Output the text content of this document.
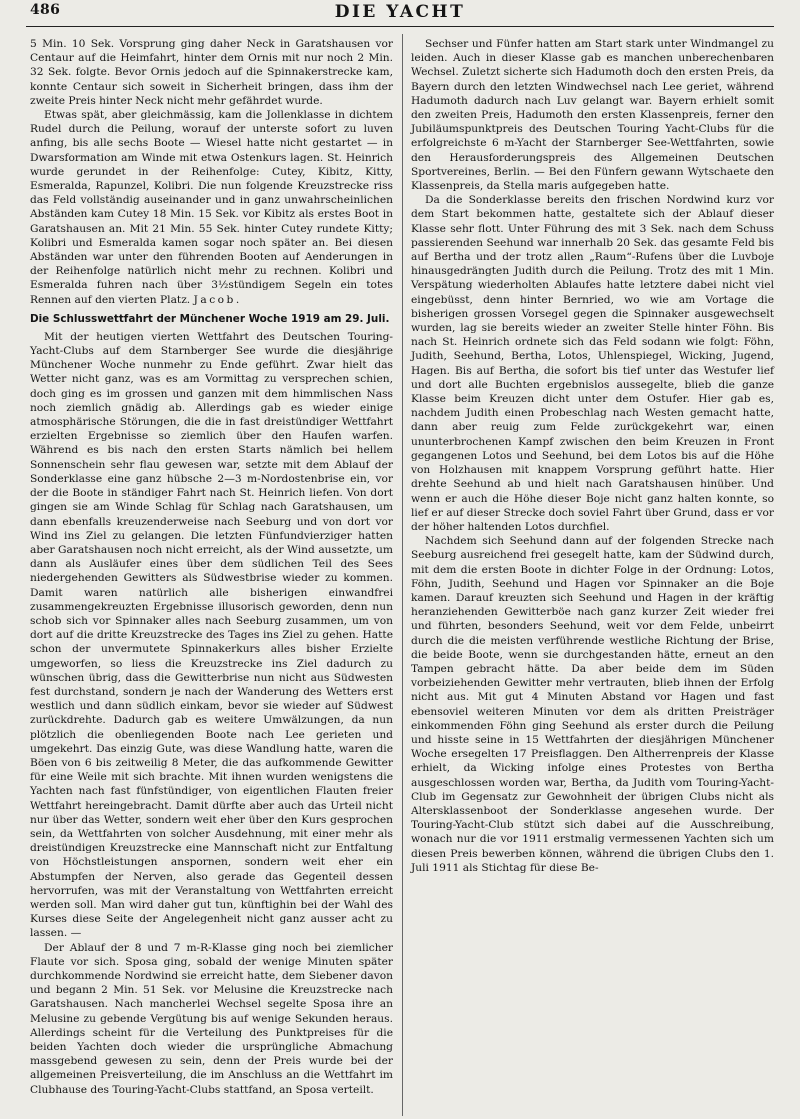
486	DIE YACHT

5 Min. 10 Sek. Vorsprung ging daher Neck in Garatshausen vor Centaur auf die Heimfahrt, hinter dem Ornis mit nur noch 2 Min. 32 Sek. folgte. Bevor Ornis jedoch auf die Spinnakerstrecke kam, konnte Centaur sich soweit in Sicherheit bringen, dass ihm der zweite Preis hinter Neck nicht mehr gefährdet wurde.

Etwas spät, aber gleichmässig, kam die Jollenklasse in dichtem Rudel durch die Peilung, worauf der unterste sofort zu luven anfing, bis alle sechs Boote — Wiesel hatte nicht gestartet — in Dwarsformation am Winde mit etwa Ostenkurs lagen. St. Heinrich wurde gerundet in der Reihenfolge: Cutey, Kibitz, Kitty, Esmeralda, Rapunzel, Kolibri. Die nun folgende Kreuzstrecke riss das Feld vollständig auseinander und in ganz unwahrscheinlichen Abständen kam Cutey 18 Min. 15 Sek. vor Kibitz als erstes Boot in Garatshausen an. Mit 21 Min. 55 Sek. hinter Cutey rundete Kitty; Kolibri und Esmeralda kamen sogar noch später an. Bei diesen Abständen war unter den führenden Booten auf Aenderungen in der Reihenfolge natürlich nicht mehr zu rechnen. Kolibri und Esmeralda fuhren nach über 3½stündigem Segeln ein totes Rennen auf den vierten Platz. Jacob.

Die Schlusswettfahrt der Münchener Woche 1919 am 29. Juli.

Mit der heutigen vierten Wettfahrt des Deutschen Touring-Yacht-Clubs auf dem Starnberger See wurde die diesjährige Münchener Woche nunmehr zu Ende geführt. Zwar hielt das Wetter nicht ganz, was es am Vormittag zu versprechen schien, doch ging es im grossen und ganzen mit dem himmlischen Nass noch ziemlich gnädig ab. Allerdings gab es wieder einige atmosphärische Störungen, die die in fast dreistündiger Wettfahrt erzielten Ergebnisse so ziemlich über den Haufen warfen. Während es bis nach den ersten Starts nämlich bei hellem Sonnenschein sehr flau gewesen war, setzte mit dem Ablauf der Sonderklasse eine ganz hübsche 2—3 m-Nordostenbrise ein, vor der die Boote in ständiger Fahrt nach St. Heinrich liefen. Von dort gingen sie am Winde Schlag für Schlag nach Garatshausen, um dann ebenfalls kreuzenderweise nach Seeburg und von dort vor Wind ins Ziel zu gelangen. Die letzten Fünfundvierziger hatten aber Garatshausen noch nicht erreicht, als der Wind aussetzte, um dann als Ausläufer eines über dem südlichen Teil des Sees niedergehenden Gewitters als Südwestbrise wieder zu kommen. Damit waren natürlich alle bisherigen einwandfrei zusammengekreuzten Ergebnisse illusorisch geworden, denn nun schob sich vor Spinnaker alles nach Seeburg zusammen, um von dort auf die dritte Kreuzstrecke des Tages ins Ziel zu gehen. Hatte schon der unvermutete Spinnakerkurs alles bisher Erzielte umgeworfen, so liess die Kreuzstrecke ins Ziel dadurch zu wünschen übrig, dass die Gewitterbrise nun nicht aus Südwesten fest durchstand, sondern je nach der Wanderung des Wetters erst westlich und dann südlich einkam, bevor sie wieder auf Südwest zurückdrehte. Dadurch gab es weitere Umwälzungen, da nun plötzlich die obenliegenden Boote nach Lee gerieten und umgekehrt. Das einzig Gute, was diese Wandlung hatte, waren die Böen von 6 bis zeitweilig 8 Meter, die das aufkommende Gewitter für eine Weile mit sich brachte. Mit ihnen wurden wenigstens die Yachten nach fast fünfstündiger, von eigentlichen Flauten freier Wettfahrt hereingebracht. Damit dürfte aber auch das Urteil nicht nur über das Wetter, sondern weit eher über den Kurs gesprochen sein, da Wettfahrten von solcher Ausdehnung, mit einer mehr als dreistündigen Kreuzstrecke eine Mannschaft nicht zur Entfaltung von Höchstleistungen anspornen, sondern weit eher ein Abstumpfen der Nerven, also gerade das Gegenteil dessen hervorrufen, was mit der Veranstaltung von Wettfahrten erreicht werden soll. Man wird daher gut tun, künftighin bei der Wahl des Kurses diese Seite der Angelegenheit nicht ganz ausser acht zu lassen. —

Der Ablauf der 8 und 7 m-R-Klasse ging noch bei ziemlicher Flaute vor sich. Sposa ging, sobald der wenige Minuten später durchkommende Nordwind sie erreicht hatte, dem Siebener davon und begann 2 Min. 51 Sek. vor Melusine die Kreuzstrecke nach Garatshausen. Nach mancherlei Wechsel segelte Sposa ihre an Melusine zu gebende Vergütung bis auf wenige Sekunden heraus. Allerdings scheint für die Verteilung des Punktpreises für die beiden Yachten doch wieder die ursprüngliche Abmachung massgebend gewesen zu sein, denn der Preis wurde bei der allgemeinen Preisverteilung, die im Anschluss an die Wettfahrt im Clubhause des Touring-Yacht-Clubs stattfand, an Sposa verteilt.

Sechser und Fünfer hatten am Start stark unter Windmangel zu leiden. Auch in dieser Klasse gab es manchen unberechenbaren Wechsel. Zuletzt sicherte sich Hadumoth doch den ersten Preis, da Bayern durch den letzten Windwechsel nach Lee geriet, während Hadumoth dadurch nach Luv gelangt war. Bayern erhielt somit den zweiten Preis, Hadumoth den ersten Klassenpreis, ferner den Jubiläumspunktpreis des Deutschen Touring Yacht-Clubs für die erfolgreichste 6 m-Yacht der Starnberger See-Wettfahrten, sowie den Herausforderungspreis des Allgemeinen Deutschen Sportvereines, Berlin. — Bei den Fünfern gewann Wytschaete den Klassenpreis, da Stella maris aufgegeben hatte.

Da die Sonderklasse bereits den frischen Nordwind kurz vor dem Start bekommen hatte, gestaltete sich der Ablauf dieser Klasse sehr flott. Unter Führung des mit 3 Sek. nach dem Schuss passierenden Seehund war innerhalb 20 Sek. das gesamte Feld bis auf Bertha und der trotz allen „Raum“-Rufens über die Luvboje hinausgedrängten Judith durch die Peilung. Trotz des mit 1 Min. Verspätung wiederholten Ablaufes hatte letztere dabei nicht viel eingebüsst, denn hinter Bernried, wo wie am Vortage die bisherigen grossen Vorsegel gegen die Spinnaker ausgewechselt wurden, lag sie bereits wieder an zweiter Stelle hinter Föhn. Bis nach St. Heinrich ordnete sich das Feld sodann wie folgt: Föhn, Judith, Seehund, Bertha, Lotos, Uhlenspiegel, Wicking, Jugend, Hagen. Bis auf Bertha, die sofort bis tief unter das Westufer lief und dort alle Buchten ergebnislos aussegelte, blieb die ganze Klasse beim Kreuzen dicht unter dem Ostufer. Hier gab es, nachdem Judith einen Probeschlag nach Westen gemacht hatte, dann aber reuig zum Felde zurückgekehrt war, einen ununterbrochenen Kampf zwischen den beim Kreuzen in Front gegangenen Lotos und Seehund, bei dem Lotos bis auf die Höhe von Holzhausen mit knappem Vorsprung geführt hatte. Hier drehte Seehund ab und hielt nach Garatshausen hinüber. Und wenn er auch die Höhe dieser Boje nicht ganz halten konnte, so lief er auf dieser Strecke doch soviel Fahrt über Grund, dass er vor der höher haltenden Lotos durchfiel.

Nachdem sich Seehund dann auf der folgenden Strecke nach Seeburg ausreichend frei gesegelt hatte, kam der Südwind durch, mit dem die ersten Boote in dichter Folge in der Ordnung: Lotos, Föhn, Judith, Seehund und Hagen vor Spinnaker an die Boje kamen. Darauf kreuzten sich Seehund und Hagen in der kräftig heranziehenden Gewitterböe nach ganz kurzer Zeit wieder frei und führten, besonders Seehund, weit vor dem Felde, unbeirrt durch die die meisten verführende westliche Richtung der Brise, die beide Boote, wenn sie durchgestanden hätte, erneut an den Tampen gebracht hätte. Da aber beide dem im Süden vorbeiziehenden Gewitter mehr vertrauten, blieb ihnen der Erfolg nicht aus. Mit gut 4 Minuten Abstand vor Hagen und fast ebensoviel weiteren Minuten vor dem als dritten Preisträger einkommenden Föhn ging Seehund als erster durch die Peilung und hisste seine in 15 Wettfahrten der diesjährigen Münchener Woche ersegelten 17 Preisflaggen. Den Altherrenpreis der Klasse erhielt, da Wicking infolge eines Protestes von Bertha ausgeschlossen worden war, Bertha, da Judith vom Touring-Yacht-Club im Gegensatz zur Gewohnheit der übrigen Clubs nicht als Altersklassenboot der Sonderklasse angesehen wurde. Der Touring-Yacht-Club stützt sich dabei auf die Ausschreibung, wonach nur die vor 1911 erstmalig vermessenen Yachten sich um diesen Preis bewerben können, während die übrigen Clubs den 1. Juli 1911 als Stichtag für diese Be-
